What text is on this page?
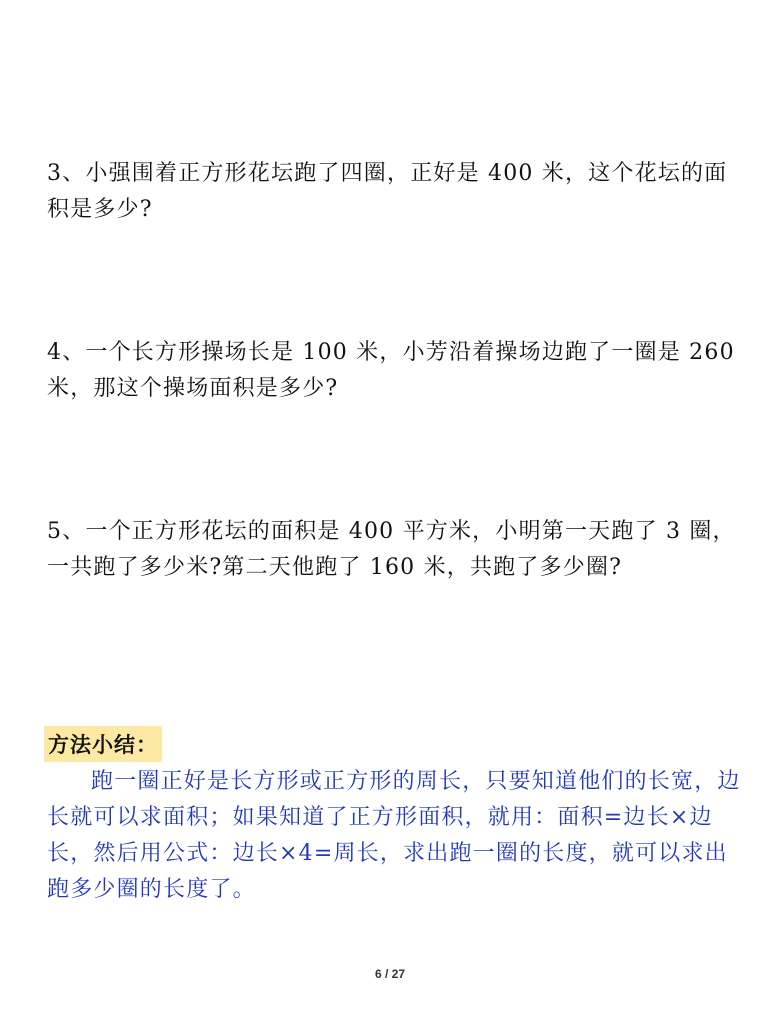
3、小强围着正方形花坛跑了四圈，正好是 400 米，这个花坛的面积是多少?

4、一个长方形操场长是 100 米，小芳沿着操场边跑了一圈是 260 米，那这个操场面积是多少?

5、一个正方形花坛的面积是 400 平方米，小明第一天跑了 3 圈，一共跑了多少米?第二天他跑了 160 米，共跑了多少圈?

方法小结：

跑一圈正好是长方形或正方形的周长，只要知道他们的长宽，边长就可以求面积；如果知道了正方形面积，就用：面积=边长×边长，然后用公式：边长×4=周长，求出跑一圈的长度，就可以求出跑多少圈的长度了。

6 / 27
